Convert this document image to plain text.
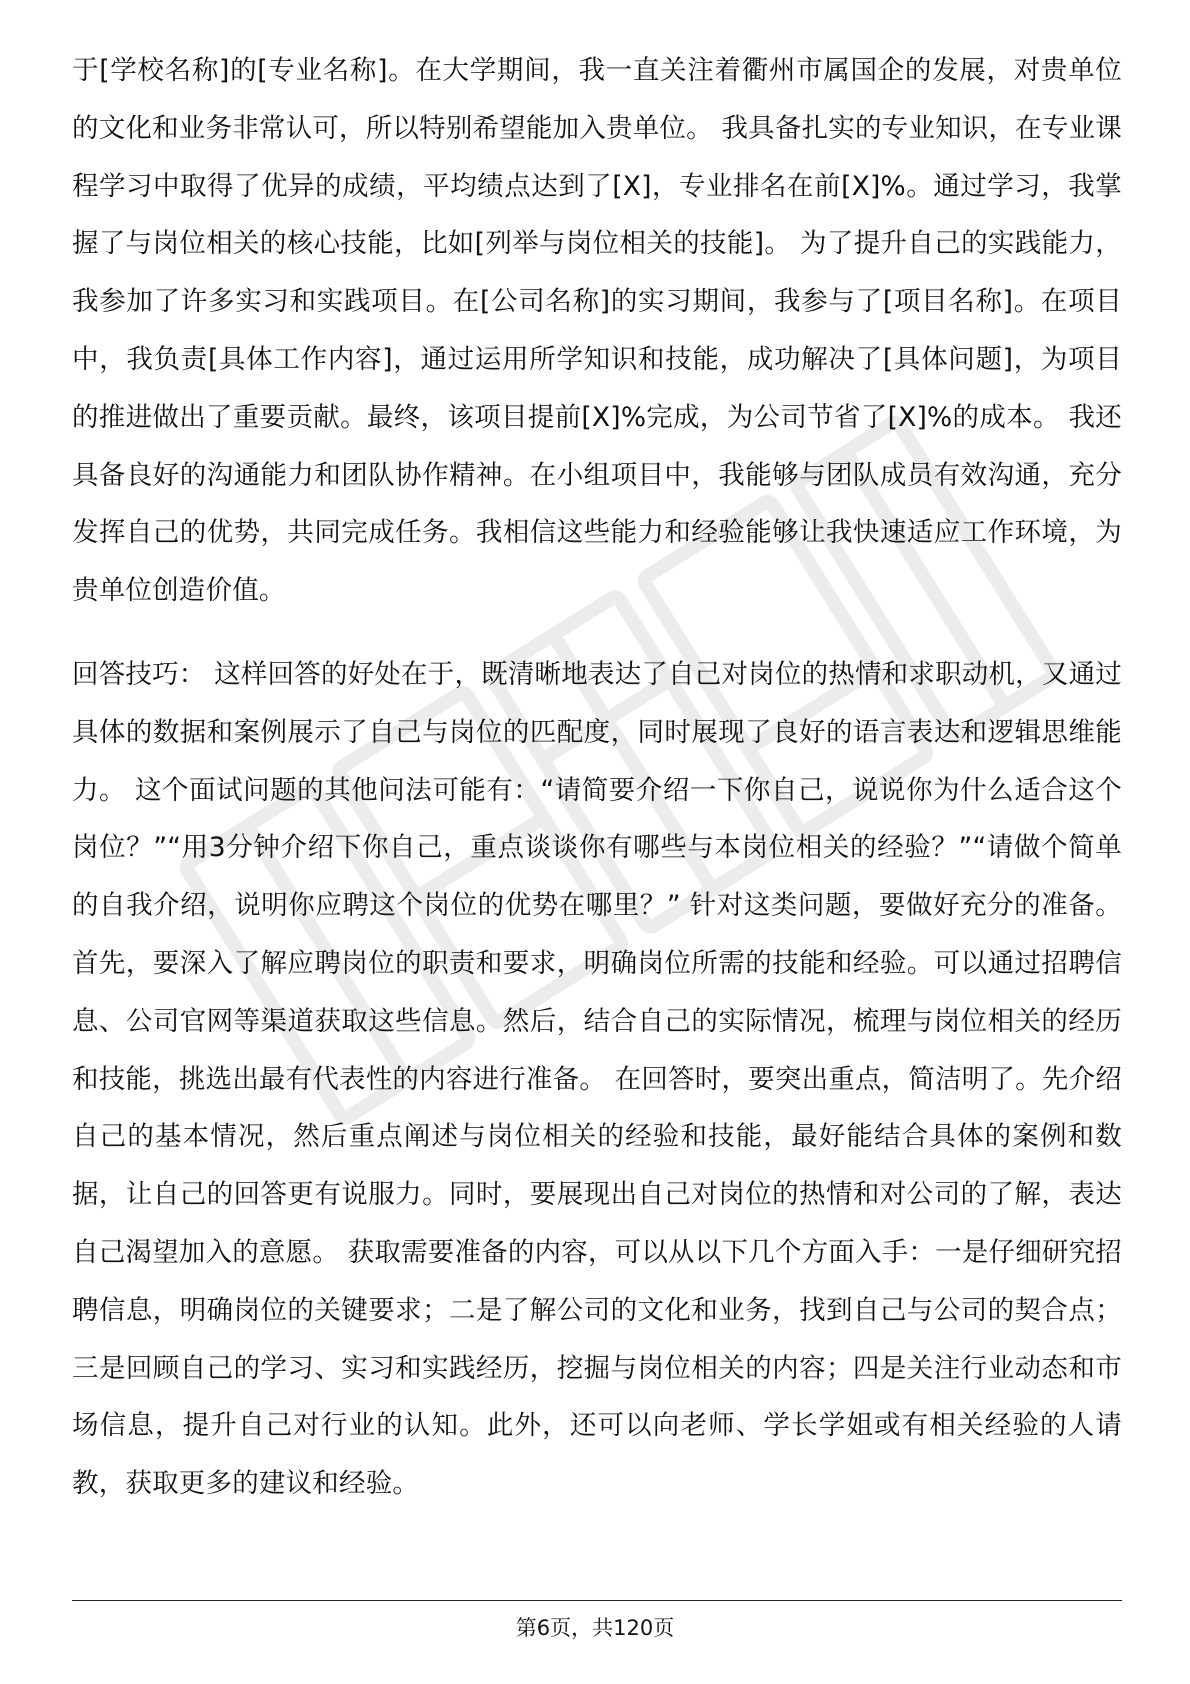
于[学校名称]的[专业名称]。在大学期间，我一直关注着衢州市属国企的发展，对贵单位的文化和业务非常认可，所以特别希望能加入贵单位。 我具备扎实的专业知识，在专业课程学习中取得了优异的成绩，平均绩点达到了[X]，专业排名在前[X]%。通过学习，我掌握了与岗位相关的核心技能，比如[列举与岗位相关的技能]。 为了提升自己的实践能力，我参加了许多实习和实践项目。在[公司名称]的实习期间，我参与了[项目名称]。在项目中，我负责[具体工作内容]，通过运用所学知识和技能，成功解决了[具体问题]，为项目的推进做出了重要贡献。最终，该项目提前[X]%完成，为公司节省了[X]%的成本。 我还具备良好的沟通能力和团队协作精神。在小组项目中，我能够与团队成员有效沟通，充分发挥自己的优势，共同完成任务。我相信这些能力和经验能够让我快速适应工作环境，为贵单位创造价值。

回答技巧： 这样回答的好处在于，既清晰地表达了自己对岗位的热情和求职动机，又通过具体的数据和案例展示了自己与岗位的匹配度，同时展现了良好的语言表达和逻辑思维能力。 这个面试问题的其他问法可能有：“请简要介绍一下你自己，说说你为什么适合这个岗位？”“用3分钟介绍下你自己，重点谈谈你有哪些与本岗位相关的经验？”“请做个简单的自我介绍，说明你应聘这个岗位的优势在哪里？” 针对这类问题，要做好充分的准备。首先，要深入了解应聘岗位的职责和要求，明确岗位所需的技能和经验。可以通过招聘信息、公司官网等渠道获取这些信息。然后，结合自己的实际情况，梳理与岗位相关的经历和技能，挑选出最有代表性的内容进行准备。 在回答时，要突出重点，简洁明了。先介绍自己的基本情况，然后重点阐述与岗位相关的经验和技能，最好能结合具体的案例和数据，让自己的回答更有说服力。同时，要展现出自己对岗位的热情和对公司的了解，表达自己渴望加入的意愿。 获取需要准备的内容，可以从以下几个方面入手：一是仔细研究招聘信息，明确岗位的关键要求；二是了解公司的文化和业务，找到自己与公司的契合点；三是回顾自己的学习、实习和实践经历，挖掘与岗位相关的内容；四是关注行业动态和市场信息，提升自己对行业的认知。此外，还可以向老师、学长学姐或有相关经验的人请教，获取更多的建议和经验。

第6页，共120页
